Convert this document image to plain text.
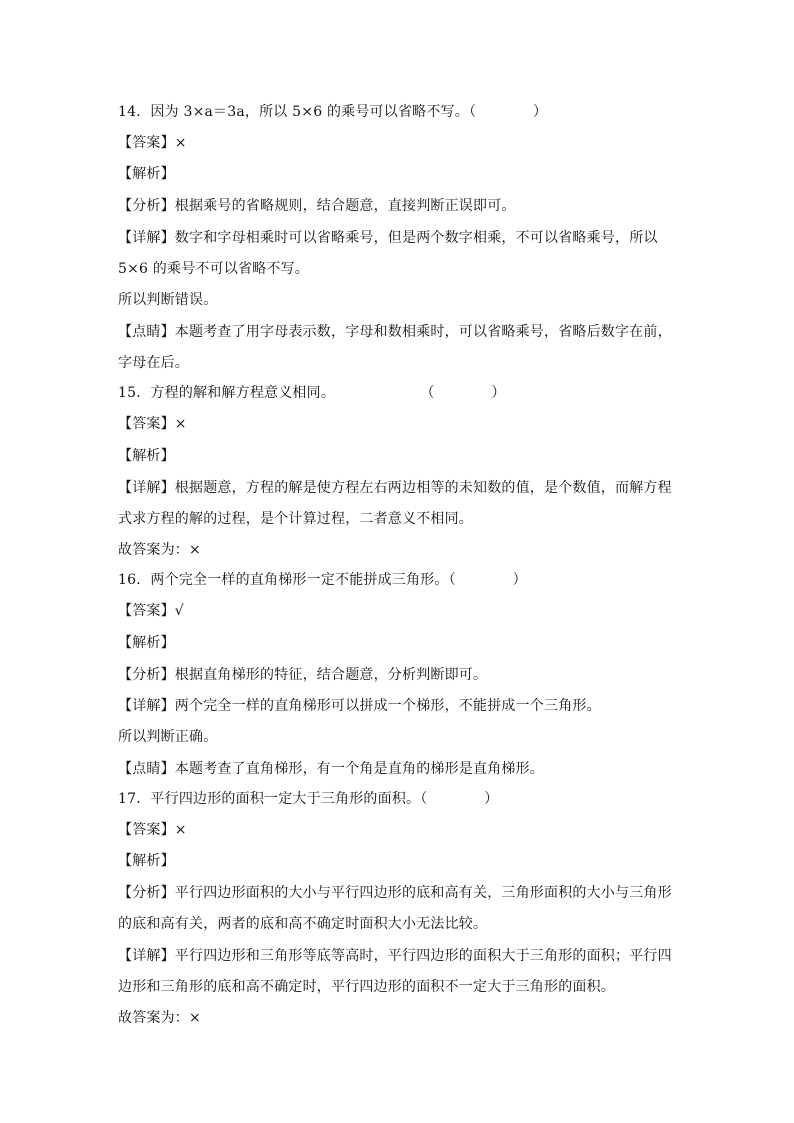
14．因为 3×a＝3a，所以 5×6 的乘号可以省略不写。（　　　　）
【答案】×
【解析】
【分析】根据乘号的省略规则，结合题意，直接判断正误即可。
【详解】数字和字母相乘时可以省略乘号，但是两个数字相乘，不可以省略乘号，所以
5×6 的乘号不可以省略不写。
所以判断错误。
【点睛】本题考查了用字母表示数，字母和数相乘时，可以省略乘号，省略后数字在前，
字母在后。
15．方程的解和解方程意义相同。　　　　　　　（　　　　）
【答案】×
【解析】
【详解】根据题意，方程的解是使方程左右两边相等的未知数的值，是个数值，而解方程
式求方程的解的过程，是个计算过程，二者意义不相同。
故答案为：×
16．两个完全一样的直角梯形一定不能拼成三角形。（　　　　）
【答案】√
【解析】
【分析】根据直角梯形的特征，结合题意，分析判断即可。
【详解】两个完全一样的直角梯形可以拼成一个梯形，不能拼成一个三角形。
所以判断正确。
【点睛】本题考查了直角梯形，有一个角是直角的梯形是直角梯形。
17．平行四边形的面积一定大于三角形的面积。（　　　　）
【答案】×
【解析】
【分析】平行四边形面积的大小与平行四边形的底和高有关，三角形面积的大小与三角形
的底和高有关，两者的底和高不确定时面积大小无法比较。
【详解】平行四边形和三角形等底等高时，平行四边形的面积大于三角形的面积；平行四
边形和三角形的底和高不确定时，平行四边形的面积不一定大于三角形的面积。
故答案为：×
